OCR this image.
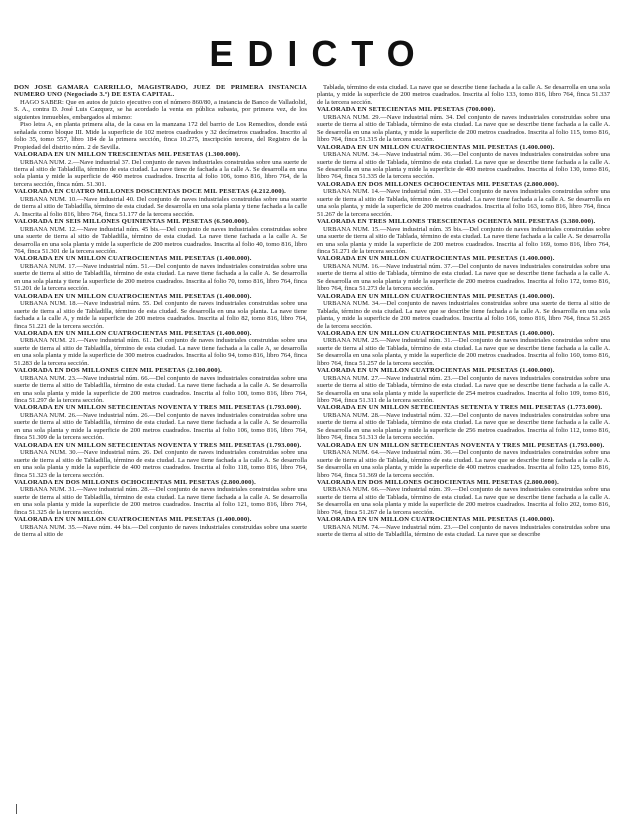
EDICTO

DON JOSE GAMARA CARRILLO, MAGISTRADO, JUEZ DE PRIMERA INSTANCIA NUMERO UNO (Negociado 3.º) DE ESTA CAPITAL.

HAGO SABER: Que en autos de juicio ejecutivo con el número 860/80, a instancia de Banco de Valladolid, S. A., contra D. José Luis Cazquez, se ha acordado la venta en pública subasta, por primera vez, de los siguientes inmuebles, embargados al mismo:

Piso letra A, en planta primera alta, de la casa en la manzana 172 del barrio de Los Remedios, donde está señalada como bloque III. Mide la superficie de 102 metros cuadrados y 32 decímetros cuadrados. Inscrito al folio 35, tomo 557, libro 184 de la primera sección, finca 10.275, inscripción tercera, del Registro de la Propiedad del distrito núm. 2 de Sevilla.

VALORADA EN UN MILLON TRESCIENTAS MIL PESETAS (1.300.000).

URBANA NUM. 2.—Nave industrial 37. Del conjunto de naves industriales construidas sobre una suerte de tierra al sitio de Tabladilla, término de esta ciudad. La nave tiene de fachada a la calle A. Se desarrolla en una sola planta y mide la superficie de 460 metros cuadrados. Inscrita al folio 106, tomo 816, libro 764, de la tercera sección, finca núm. 51.301.

VALORADA EN CUATRO MILLONES DOSCIENTAS DOCE MIL PESETAS (4.212.000).

URBANA NUM. 10.—Nave industrial 40. Del conjunto de naves industriales construidas sobre una suerte de tierra al sitio de Tabladilla, término de esta ciudad. Se desarrolla en una sola planta y tiene fachada a la calle A. Inscrita al folio 816, libro 764, finca 51.177 de la tercera sección.

VALORADA EN SEIS MILLONES QUINIENTAS MIL PESETAS (6.500.000).

URBANA NUM. 12.—Nave industrial núm. 45 bis.—Del conjunto de naves industriales construidas sobre una suerte de tierra al sitio de Tabladilla, término de esta ciudad. La nave tiene fachada a la calle A. Se desarrolla en una sola planta y mide la superficie de 200 metros cuadrados. Inscrita al folio 40, tomo 816, libro 764, finca 51.301 de la tercera sección.

VALORADA EN UN MILLON CUATROCIENTAS MIL PESETAS (1.400.000).

URBANA NUM. 17.—Nave industrial núm. 51.—Del conjunto de naves industriales construidas sobre una suerte de tierra al sitio de Tabladilla, término de esta ciudad. La nave tiene fachada a la calle A. Se desarrolla en una sola planta y tiene la superficie de 200 metros cuadrados. Inscrita al folio 70, tomo 816, libro 764, finca 51.201 de la tercera sección.

VALORADA EN UN MILLON CUATROCIENTAS MIL PESETAS (1.400.000).

URBANA NUM. 18.—Nave industrial núm. 55. Del conjunto de naves industriales construidas sobre una suerte de tierra al sitio de Tabladilla, término de esta ciudad. Se desarrolla en una sola planta. La nave tiene fachada a la calle A, y mide la superficie de 200 metros cuadrados. Inscrita al folio 82, tomo 816, libro 764, finca 51.221 de la tercera sección.

VALORADA EN UN MILLON CUATROCIENTAS MIL PESETAS (1.400.000).

URBANA NUM. 21.—Nave industrial núm. 61. Del conjunto de naves industriales construidas sobre una suerte de tierra al sitio de Tabladilla, término de esta ciudad. La nave tiene fachada a la calle A, se desarrolla en una sola planta y mide la superficie de 300 metros cuadrados. Inscrita al folio 94, tomo 816, libro 764, finca 51.283 de la tercera sección.

VALORADA EN DOS MILLONES CIEN MIL PESETAS (2.100.000).

URBANA NUM. 23.—Nave industrial núm. 66.—Del conjunto de naves industriales construidas sobre una suerte de tierra al sitio de Tabladilla, término de esta ciudad. La nave tiene fachada a la calle A. Se desarrolla en una sola planta y mide la superficie de 200 metros cuadrados. Inscrita al folio 100, tomo 816, libro 764, finca 51.297 de la tercera sección.

VALORADA EN UN MILLON SETECIENTAS NOVENTA Y TRES MIL PESETAS (1.793.000).

URBANA NUM. 26.—Nave industrial núm. 26.—Del conjunto de naves industriales construidas sobre una suerte de tierra al sitio de Tabladilla, término de esta ciudad. La nave tiene fachada a la calle A. Se desarrolla en una sola planta y mide la superficie de 200 metros cuadrados. Inscrita al folio 106, tomo 816, libro 764, finca 51.309 de la tercera sección.

VALORADA EN UN MILLON SETECIENTAS NOVENTA Y TRES MIL PESETAS (1.793.000).

URBANA NUM. 30.—Nave industrial núm. 26. Del conjunto de naves industriales construidas sobre una suerte de tierra al sitio de Tabladilla, término de esta ciudad. La nave tiene fachada a la calle A. Se desarrolla en una sola planta y mide la superficie de 400 metros cuadrados. Inscrita al folio 118, tomo 816, libro 764, finca 51.323 de la tercera sección.

VALORADA EN DOS MILLONES OCHOCIENTAS MIL PESETAS (2.800.000).

URBANA NUM. 31.—Nave industrial núm. 28.—Del conjunto de naves industriales construidas sobre una suerte de tierra al sitio de Tabladilla, término de esta ciudad. La nave tiene fachada a la calle A. Se desarrolla en una sola planta y mide la superficie de 200 metros cuadrados. Inscrita al folio 121, tomo 816, libro 764, finca 51.325 de la tercera sección.

VALORADA EN UN MILLON CUATROCIENTAS MIL PESETAS (1.400.000).

URBANA NUM. 35.—Nave núm. 44 bis.—Del conjunto de naves industriales construidas sobre una suerte de tierra al sitio de

Tablada, término de esta ciudad. La nave que se describe tiene fachada a la calle A. Se desarrolla en una sola planta, y mide la superficie de 200 metros cuadrados. Inscrita al folio 133, tomo 816, libro 764, finca 51.337 de la tercera sección.

VALORADA EN SETECIENTAS MIL PESETAS (700.000).

URBANA NUM. 29.—Nave industrial núm. 34. Del conjunto de naves industriales construidas sobre una suerte de tierra al sitio de Tablada, término de esta ciudad. La nave que se describe tiene fachada a la calle A. Se desarrolla en una sola planta, y mide la superficie de 200 metros cuadrados. Inscrita al folio 115, tomo 816, libro 764, finca 51.315 de la tercera sección.

VALORADA EN UN MILLON CUATROCIENTAS MIL PESETAS (1.400.000).

URBANA NUM. 34.—Nave industrial núm. 36.—Del conjunto de naves industriales construidas sobre una suerte de tierra al sitio de Tablada, término de esta ciudad. La nave que se describe tiene fachada a la calle A. Se desarrolla en una sola planta y mide la superficie de 400 metros cuadrados. Inscrita al folio 130, tomo 816, libro 764, finca 51.335 de la tercera sección.

VALORADA EN DOS MILLONES OCHOCIENTAS MIL PESETAS (2.800.000).

URBANA NUM. 14.—Nave industrial núm. 33.—Del conjunto de naves industriales construidas sobre una suerte de tierra al sitio de Tablada, término de esta ciudad. La nave tiene fachada a la calle A. Se desarrolla en una sola planta, y mide la superficie de 200 metros cuadrados. Inscrita al folio 163, tomo 816, libro 764, finca 51.267 de la tercera sección.

VALORADA EN TRES MILLONES TRESCIENTAS OCHENTA MIL PESETAS (3.380.000).

URBANA NUM. 15.—Nave industrial núm. 35 bis.—Del conjunto de naves industriales construidas sobre una suerte de tierra al sitio de Tablada, término de esta ciudad. La nave tiene fachada a la calle A. Se desarrolla en una sola planta y mide la superficie de 200 metros cuadrados. Inscrita al folio 169, tomo 816, libro 764, finca 51.271 de la tercera sección.

VALORADA EN UN MILLON CUATROCIENTAS MIL PESETAS (1.400.000).

URBANA NUM. 16.—Nave industrial núm. 37.—Del conjunto de naves industriales construidas sobre una suerte de tierra al sitio de Tablada, término de esta ciudad. La nave que se describe tiene fachada a la calle A. Se desarrolla en una sola planta y mide la superficie de 200 metros cuadrados. Inscrita al folio 172, tomo 816, libro 764, finca 51.273 de la tercera sección.

VALORADA EN UN MILLON CUATROCIENTAS MIL PESETAS (1.400.000).

URBANA NUM. 34.—Del conjunto de naves industriales construidas sobre una suerte de tierra al sitio de Tablada, término de esta ciudad. La nave que se describe tiene fachada a la calle A. Se desarrolla en una sola planta, y mide la superficie de 200 metros cuadrados. Inscrita al folio 166, tomo 816, libro 764, finca 51.265 de la tercera sección.

VALORADA EN UN MILLON CUATROCIENTAS MIL PESETAS (1.400.000).

URBANA NUM. 25.—Nave industrial núm. 31.—Del conjunto de naves industriales construidas sobre una suerte de tierra al sitio de Tablada, término de esta ciudad. La nave que se describe tiene fachada a la calle A. Se desarrolla en una sola planta, y mide la superficie de 200 metros cuadrados. Inscrita al folio 160, tomo 816, libro 764, finca 51.257 de la tercera sección.

VALORADA EN UN MILLON CUATROCIENTAS MIL PESETAS (1.400.000).

URBANA NUM. 27.—Nave industrial núm. 23.—Del conjunto de naves industriales construidas sobre una suerte de tierra al sitio de Tablada, término de esta ciudad. La nave que se describe tiene fachada a la calle A. Se desarrolla en una sola planta y mide la superficie de 254 metros cuadrados. Inscrita al folio 109, tomo 816, libro 764, finca 51.311 de la tercera sección.

VALORADA EN UN MILLON SETECIENTAS SETENTA Y TRES MIL PESETAS (1.773.000).

URBANA NUM. 28.—Nave industrial núm. 32.—Del conjunto de naves industriales construidas sobre una suerte de tierra al sitio de Tablada, término de esta ciudad. La nave que se describe tiene fachada a la calle A. Se desarrolla en una sola planta y mide la superficie de 256 metros cuadrados. Inscrita al folio 112, tomo 816, libro 764, finca 51.313 de la tercera sección.

VALORADA EN UN MILLON SETECIENTAS NOVENTA Y TRES MIL PESETAS (1.793.000).

URBANA NUM. 64.—Nave industrial núm. 36.—Del conjunto de naves industriales construidas sobre una suerte de tierra al sitio de Tablada, término de esta ciudad. La nave que se describe tiene fachada a la calle A. Se desarrolla en una sola planta, y mide la superficie de 400 metros cuadrados. Inscrita al folio 125, tomo 816, libro 764, finca 51.369 de la tercera sección.

VALORADA EN DOS MILLONES OCHOCIENTAS MIL PESETAS (2.800.000).

URBANA NUM. 66.—Nave industrial núm. 39.—Del conjunto de naves industriales construidas sobre una suerte de tierra al sitio de Tablada, término de esta ciudad. La nave que se describe tiene fachada a la calle A. Se desarrolla en una sola planta y mide la superficie de 200 metros cuadrados. Inscrita al folio 202, tomo 816, libro 764, finca 51.267 de la tercera sección.

VALORADA EN UN MILLON CUATROCIENTAS MIL PESETAS (1.400.000).

URBANA NUM. 74.—Nave industrial núm. 23.—Del conjunto de naves industriales construidas sobre una suerte de tierra al sitio de Tabladilla, término de esta ciudad. La nave que se describe
